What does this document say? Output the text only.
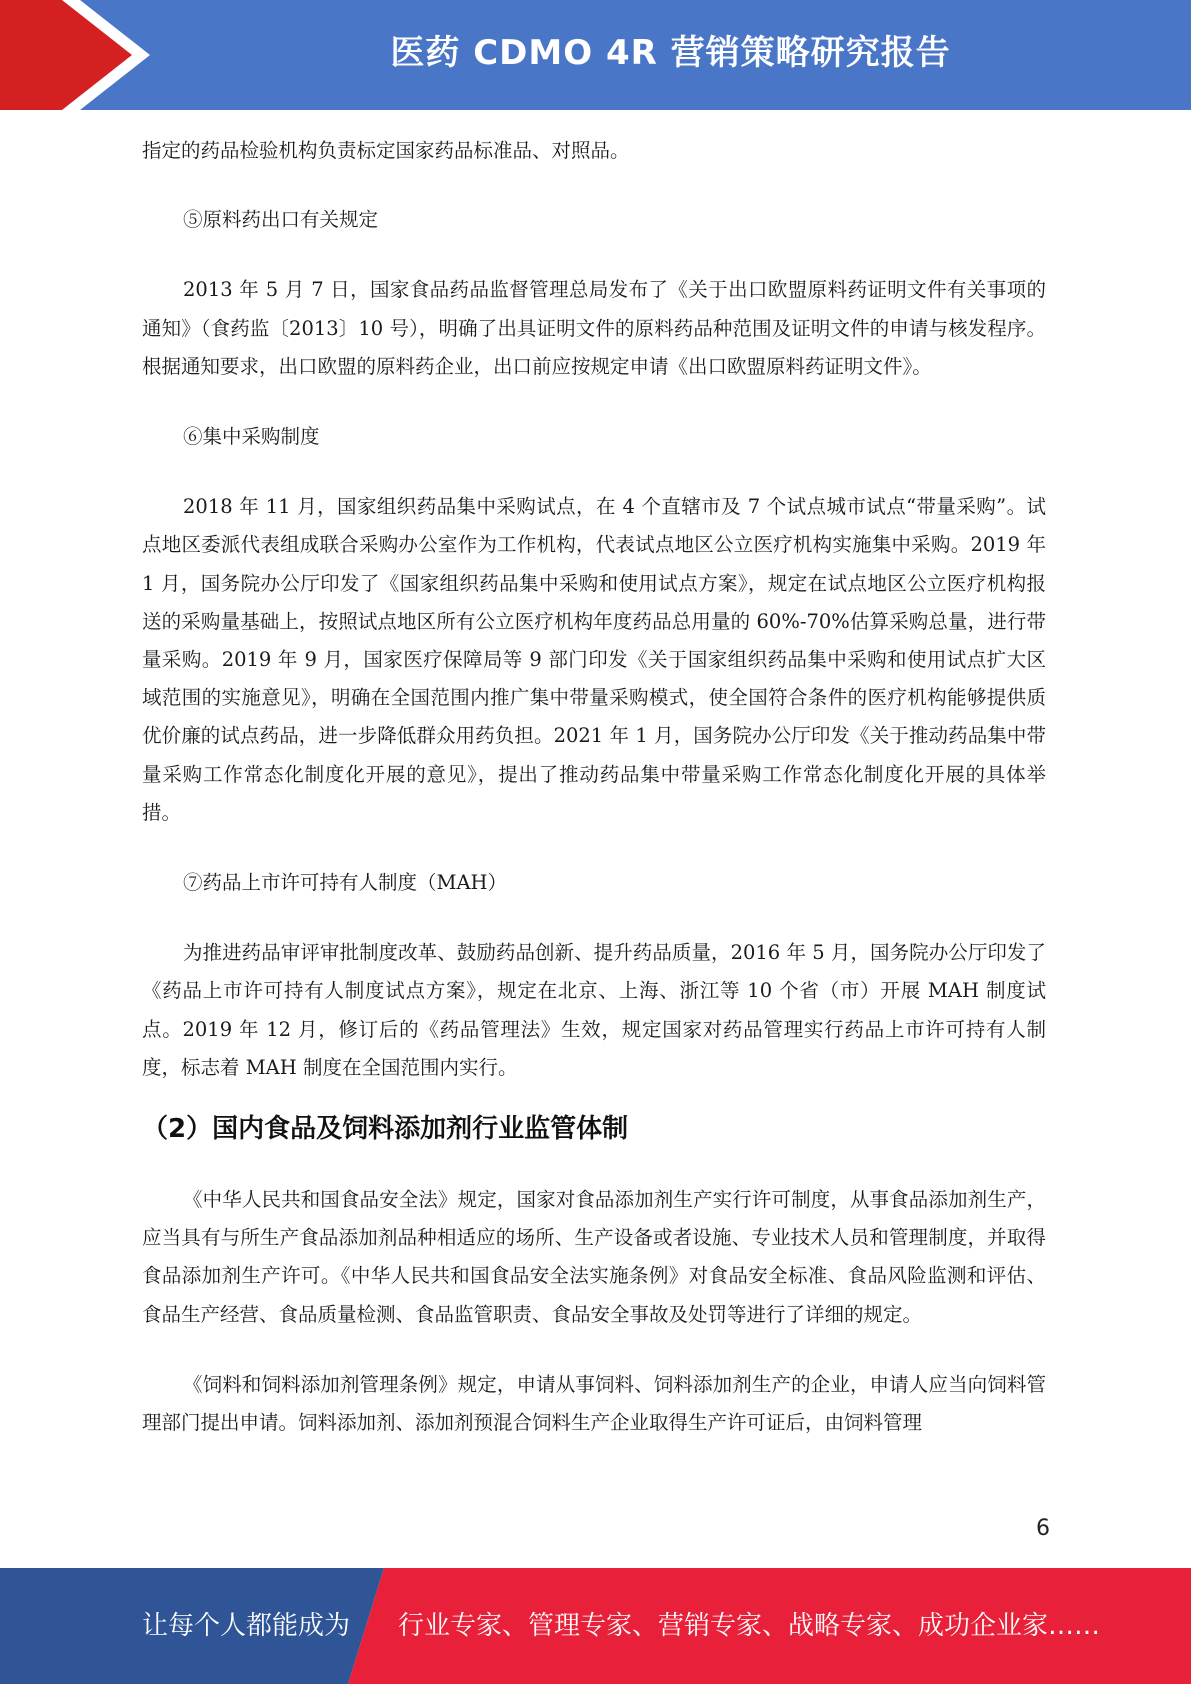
医药 CDMO 4R 营销策略研究报告

指定的药品检验机构负责标定国家药品标准品、对照品。

⑤原料药出口有关规定

2013 年 5 月 7 日，国家食品药品监督管理总局发布了《关于出口欧盟原料药证明文件有关事项的通知》（食药监〔2013〕10 号），明确了出具证明文件的原料药品种范围及证明文件的申请与核发程序。根据通知要求，出口欧盟的原料药企业，出口前应按规定申请《出口欧盟原料药证明文件》。

⑥集中采购制度

2018 年 11 月，国家组织药品集中采购试点，在 4 个直辖市及 7 个试点城市试点“带量采购”。试点地区委派代表组成联合采购办公室作为工作机构，代表试点地区公立医疗机构实施集中采购。2019 年 1 月，国务院办公厅印发了《国家组织药品集中采购和使用试点方案》，规定在试点地区公立医疗机构报送的采购量基础上，按照试点地区所有公立医疗机构年度药品总用量的 60%-70%估算采购总量，进行带量采购。2019 年 9 月，国家医疗保障局等 9 部门印发《关于国家组织药品集中采购和使用试点扩大区域范围的实施意见》，明确在全国范围内推广集中带量采购模式，使全国符合条件的医疗机构能够提供质优价廉的试点药品，进一步降低群众用药负担。2021 年 1 月，国务院办公厅印发《关于推动药品集中带量采购工作常态化制度化开展的意见》，提出了推动药品集中带量采购工作常态化制度化开展的具体举措。

⑦药品上市许可持有人制度（MAH）

为推进药品审评审批制度改革、鼓励药品创新、提升药品质量，2016 年 5 月，国务院办公厅印发了《药品上市许可持有人制度试点方案》，规定在北京、上海、浙江等 10 个省（市）开展 MAH 制度试点。2019 年 12 月，修订后的《药品管理法》生效，规定国家对药品管理实行药品上市许可持有人制度，标志着 MAH 制度在全国范围内实行。

（2）国内食品及饲料添加剂行业监管体制

《中华人民共和国食品安全法》规定，国家对食品添加剂生产实行许可制度，从事食品添加剂生产，应当具有与所生产食品添加剂品种相适应的场所、生产设备或者设施、专业技术人员和管理制度，并取得食品添加剂生产许可。《中华人民共和国食品安全法实施条例》对食品安全标准、食品风险监测和评估、食品生产经营、食品质量检测、食品监管职责、食品安全事故及处罚等进行了详细的规定。

《饲料和饲料添加剂管理条例》规定，申请从事饲料、饲料添加剂生产的企业，申请人应当向饲料管理部门提出申请。饲料添加剂、添加剂预混合饲料生产企业取得生产许可证后，由饲料管理

6
让每个人都能成为 行业专家、管理专家、营销专家、战略专家、成功企业家……
